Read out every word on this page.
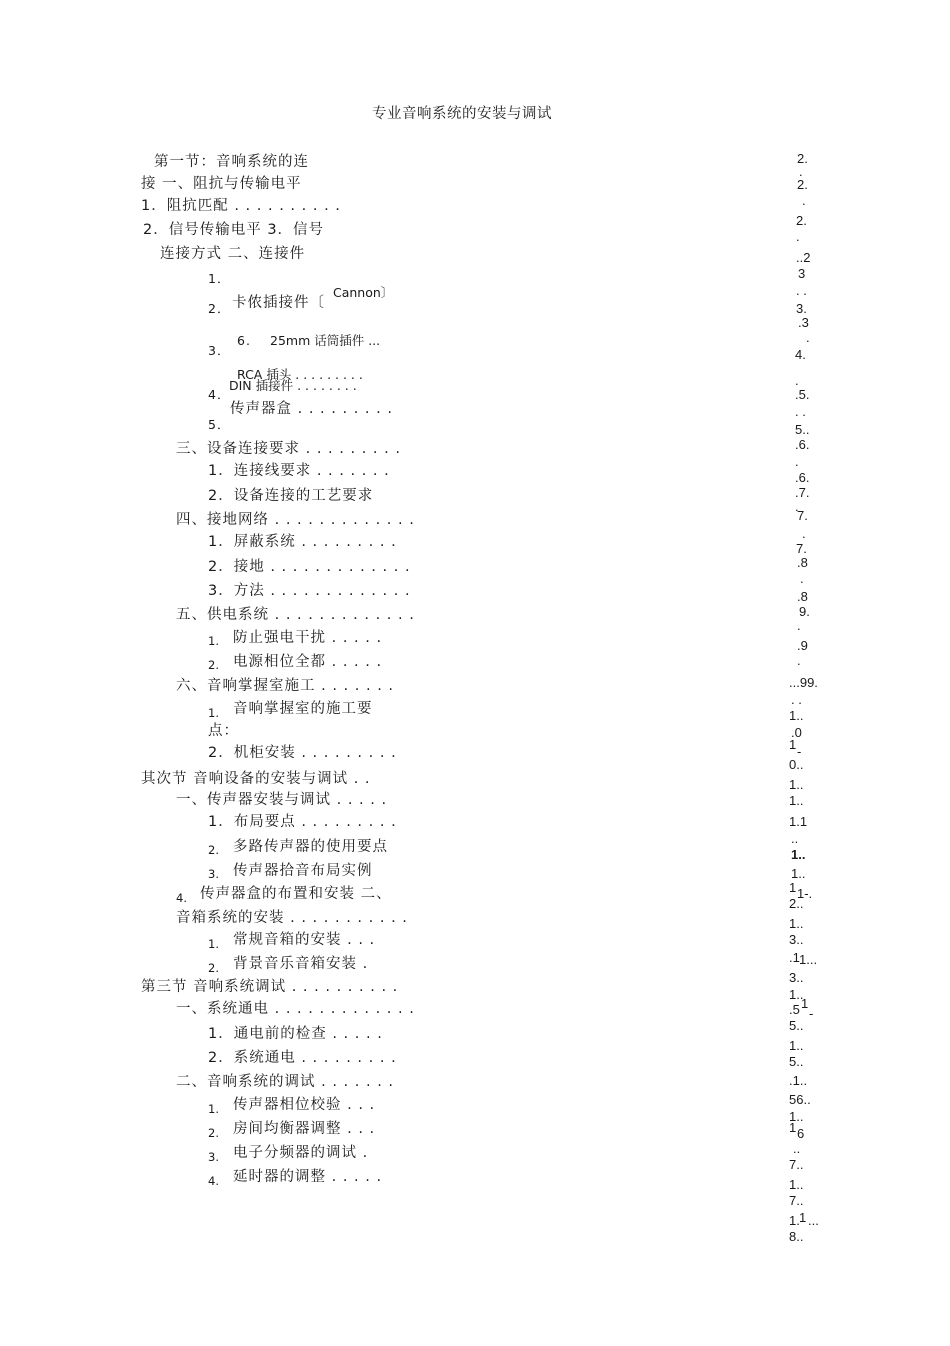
专业音响系统的安装与调试
第一节：音响系统的连
接 一、阻抗与传输电平
1．阻抗匹配 . . . . . . . . . .
2．信号传输电平 3．信号
连接方式 二、连接件
1．
Cannon〕
2． 卡侬插接件〔
3．
6. 25mm 话筒插件 ...
RCA 插头 . . . . . . . . .
DIN 插接件 . . . . . . . .
4．
传声器盒 . . . . . . . . .
5．
三、设备连接要求 . . . . . . . . .
1．连接线要求 . . . . . . .
2．设备连接的工艺要求
四、接地网络 . . . . . . . . . . . . .
1．屏蔽系统 . . . . . . . . .
2．接地 . . . . . . . . . . . . .
3．方法 . . . . . . . . . . . . .
五、供电系统 . . . . . . . . . . . . .
1. 防止强电干扰 . . . . .
2. 电源相位全都 . . . . .
六、音响掌握室施工 . . . . . . .
1. 音响掌握室的施工要
点：
2．机柜安装 . . . . . . . . .
其次节 音响设备的安装与调试 . .
一、传声器安装与调试 . . . . .
1．布局要点 . . . . . . . . .
2. 多路传声器的使用要点
3. 传声器拾音布局实例
4. 传声器盒的布置和安装 二、
音箱系统的安装 . . . . . . . . . . .
1. 常规音箱的安装 . . .
2. 背景音乐音箱安装 .
第三节 音响系统调试 . . . . . . . . . .
一、系统通电 . . . . . . . . . . . . .
1．通电前的检查 . . . . .
2．系统通电 . . . . . . . . .
二、音响系统的调试 . . . . . . .
1. 传声器相位校验 . . .
2. 房间均衡器调整 . . .
3. 电子分频器的调试 .
4. 延时器的调整 . . . . .
2.
.
2.
.
2.
.
..2
3
. .
3.
.3
.
4.
.
.5.
. .
5..
.6.
.
.6.
.7.
.
7.
.
7.
.8
.
.8
9.
.
.9
.
...99.
. .
1..
.0
1 -
0..
1..
1..
1.1
..
1..
1..
1 1-.
2..
1..
3..
.1 1...
3..
1..
1
.5 -
5..
1..
5..
.1..
56..
1..
1 6
..
7..
1..
7..
1. 1 ...
8..
